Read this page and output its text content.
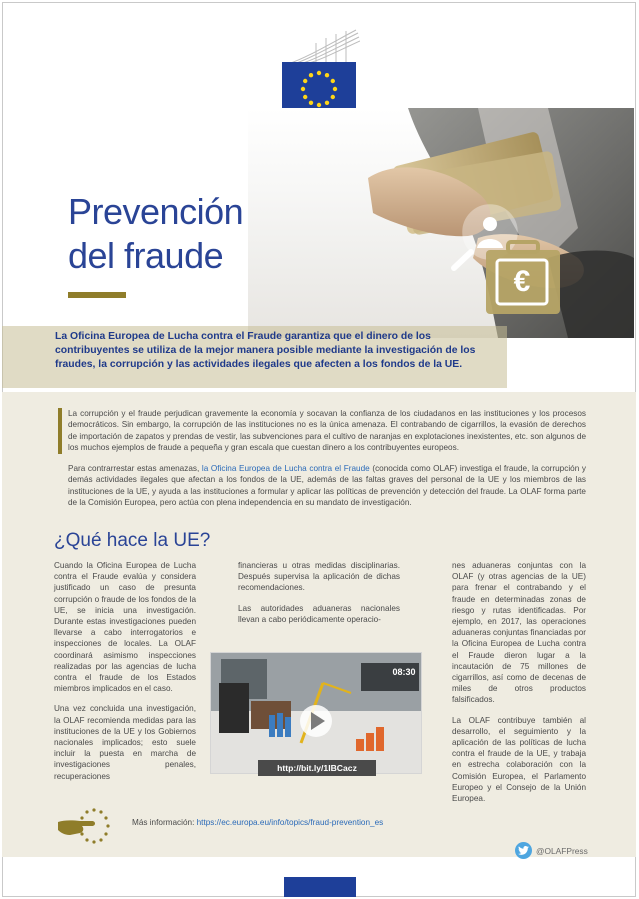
€
Prevención
del fraude
La Oficina Europea de Lucha contra el Fraude garantiza que el dinero de los contribuyentes se utiliza de la mejor manera posible mediante la investigación de los fraudes, la corrupción y las actividades ilegales que afecten a los fondos de la UE.
La corrupción y el fraude perjudican gravemente la economía y socavan la confianza de los ciudadanos en las instituciones y los procesos democráticos. Sin embargo, la corrupción de las instituciones no es la única amenaza. El contrabando de cigarrillos, la evasión de derechos de importación de zapatos y prendas de vestir, las subvenciones para el cultivo de naranjas en explotaciones inexistentes, etc. son algunos de los muchos ejemplos de fraude a pequeña y gran escala que cuestan dinero a los contribuyentes europeos.
Para contrarrestar estas amenazas, la Oficina Europea de Lucha contra el Fraude (conocida como OLAF) investiga el fraude, la corrupción y demás actividades ilegales que afectan a los fondos de la UE, además de las faltas graves del personal de la UE y los miembros de las instituciones de la UE, y ayuda a las instituciones a formular y aplicar las políticas de prevención y detección del fraude. La OLAF forma parte de la Comisión Europea, pero actúa con plena independencia en su mandato de investigación.
¿Qué hace la UE?

Cuando la Oficina Europea de Lucha contra el Fraude evalúa y considera justificado un caso de presunta corrupción o fraude de los fondos de la UE, se inicia una investigación. Durante estas investigaciones pueden llevarse a cabo interrogatorios e inspecciones de locales. La OLAF coordinará asimismo inspecciones realizadas por las agencias de lucha contra el fraude de los Estados miembros implicados en el caso.

Una vez concluida una investigación, la OLAF recomienda medidas para las instituciones de la UE y los Gobiernos nacionales implicados; esto suele incluir la puesta en marcha de investigaciones penales, recuperaciones

financieras u otras medidas disciplinarias. Después supervisa la aplicación de dichas recomendaciones.

Las autoridades aduaneras nacionales llevan a cabo periódicamente operacio-

nes aduaneras conjuntas con la OLAF (y otras agencias de la UE) para frenar el contrabando y el fraude en determinadas zonas de riesgo y rutas identificadas. Por ejemplo, en 2017, las operaciones aduaneras conjuntas financiadas por la Oficina Europea de Lucha contra el Fraude dieron lugar a la incautación de 75 millones de cigarrillos, así como de decenas de miles de otros productos falsificados.

La OLAF contribuye también al desarrollo, el seguimiento y la aplicación de las políticas de lucha contra el fraude de la UE, y trabaja en estrecha colaboración con la Comisión Europea, el Parlamento Europeo y el Consejo de la Unión Europea.

08:30
http://bit.ly/1IBCacz
Más información: https://ec.europa.eu/info/topics/fraud-prevention_es
@OLAFPress
